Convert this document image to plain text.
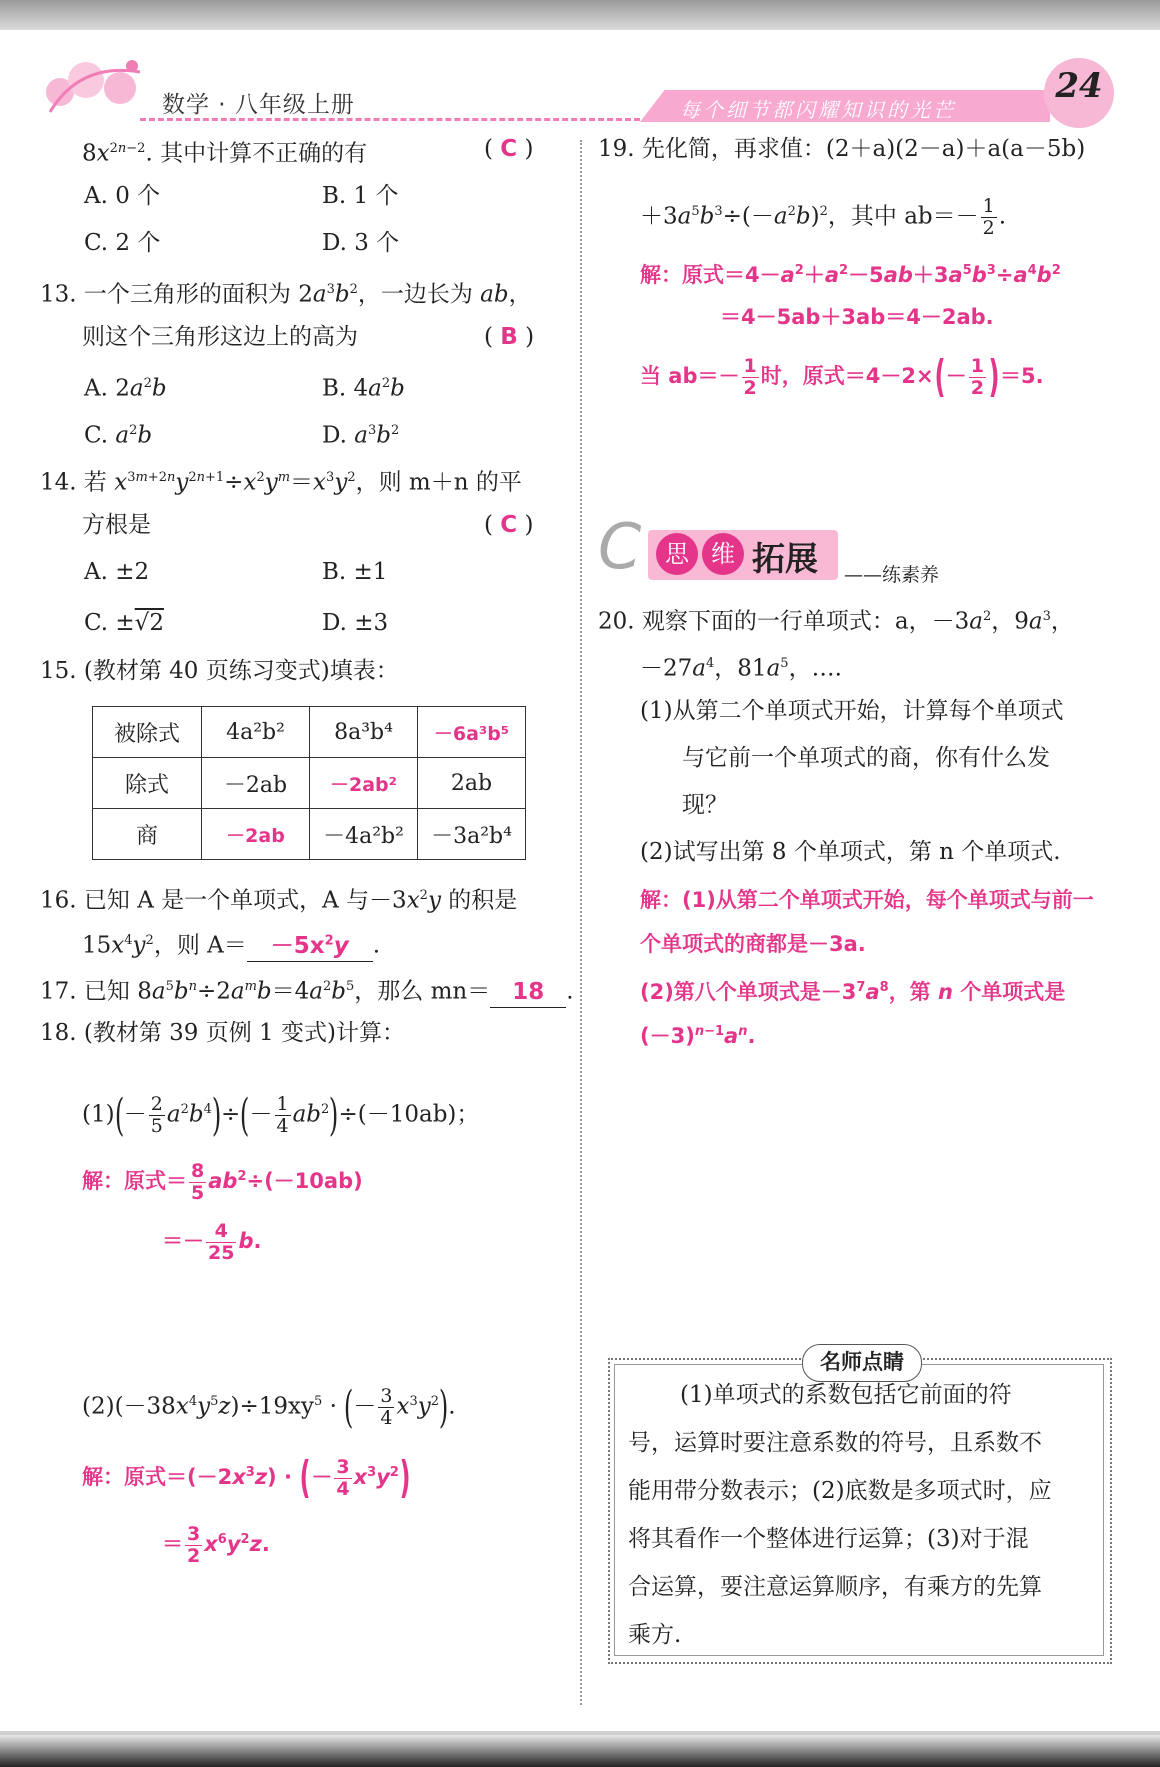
数学 · 八年级上册	每个细节都闪耀知识的光芒
24
$8x^{2n-2}$. 其中计算不正确的有	( C )
A. 0 个	B. 1 个
C. 2 个	D. 3 个
13. 一个三角形的面积为 $2a^3b^2$，一边长为 ab，
则这个三角形这边上的高为	( B )
A. $2a^2b$	B. $4a^2b$
C. $a^2b$	D. $a^3b^2$
14. 若 $x^{3m+2n}y^{2n+1}\div x^2y^m=x^3y^2$，则 m＋n 的平
方根是	( C )
A. ±2	B. ±1
C. ±√2	D. ±3
15. (教材第 40 页练习变式)填表：
被除式	4a²b²	8a³b⁴	－6a³b⁵
除式	－2ab	－2ab²	2ab
商	－2ab	－4a²b²	－3a²b⁴
16. 已知 A 是一个单项式，A 与$-3x^2y$ 的积是
$15x^4y^2$，则 $A= -5x^2y$ .
17. 已知 $8a^5b^n\div 2a^mb=4a^2b^5$，那么 mn＝ 18 .
18. (教材第 39 页例 1 变式)计算：
$(1)(- \frac{2}{5} a^2b^4)\div(- \frac{1}{4} ab^2)\div(-10ab)$；
解：原式＝ $\frac{8}{5} ab^2\div(-10ab)$
＝－ $\frac{4}{25} b$.
$(2)(-38x^4y^5z)\div 19xy^5$ · (－ $\frac{3}{4} x^3y^2$).
解：原式$=(-2x^3z)$ · (－ $\frac{3}{4} x^3y^2$)
＝ $\frac{3}{2} x^6y^2z$.
19. 先化简，再求值：(2＋a)(2－a)＋a(a－5b)
$+3a^5b^3\div(-a^2b)^2$，其中 $ab=- \frac{1}{2}$ .
解：原式$=4-a^2+a^2-5ab+3a^5b^3\div a^4b^2$
＝4－5ab＋3ab＝4－2ab.
当 $ab=- \frac{1}{2}$ 时，原式$=4-2\times(- \frac{1}{2} )=5$.
C 思 维 拓展 ——练素养
20. 观察下面的一行单项式：a，$-3a^2$，$9a^3$，
$-27a^4$，$81a^5$，….
(1)从第二个单项式开始，计算每个单项式
与它前一个单项式的商，你有什么发
现？
(2)试写出第 8 个单项式，第 n 个单项式.
解：(1)从第二个单项式开始，每个单项式与前一
个单项式的商都是－3a.
(2)第八个单项式是$-3^7a^8$，第 n 个单项式是
$(-3)^{n-1}a^n$.
名师点睛
(1)单项式的系数包括它前面的符
号，运算时要注意系数的符号，且系数不
能用带分数表示；(2)底数是多项式时，应
将其看作一个整体进行运算；(3)对于混
合运算，要注意运算顺序，有乘方的先算
乘方.
